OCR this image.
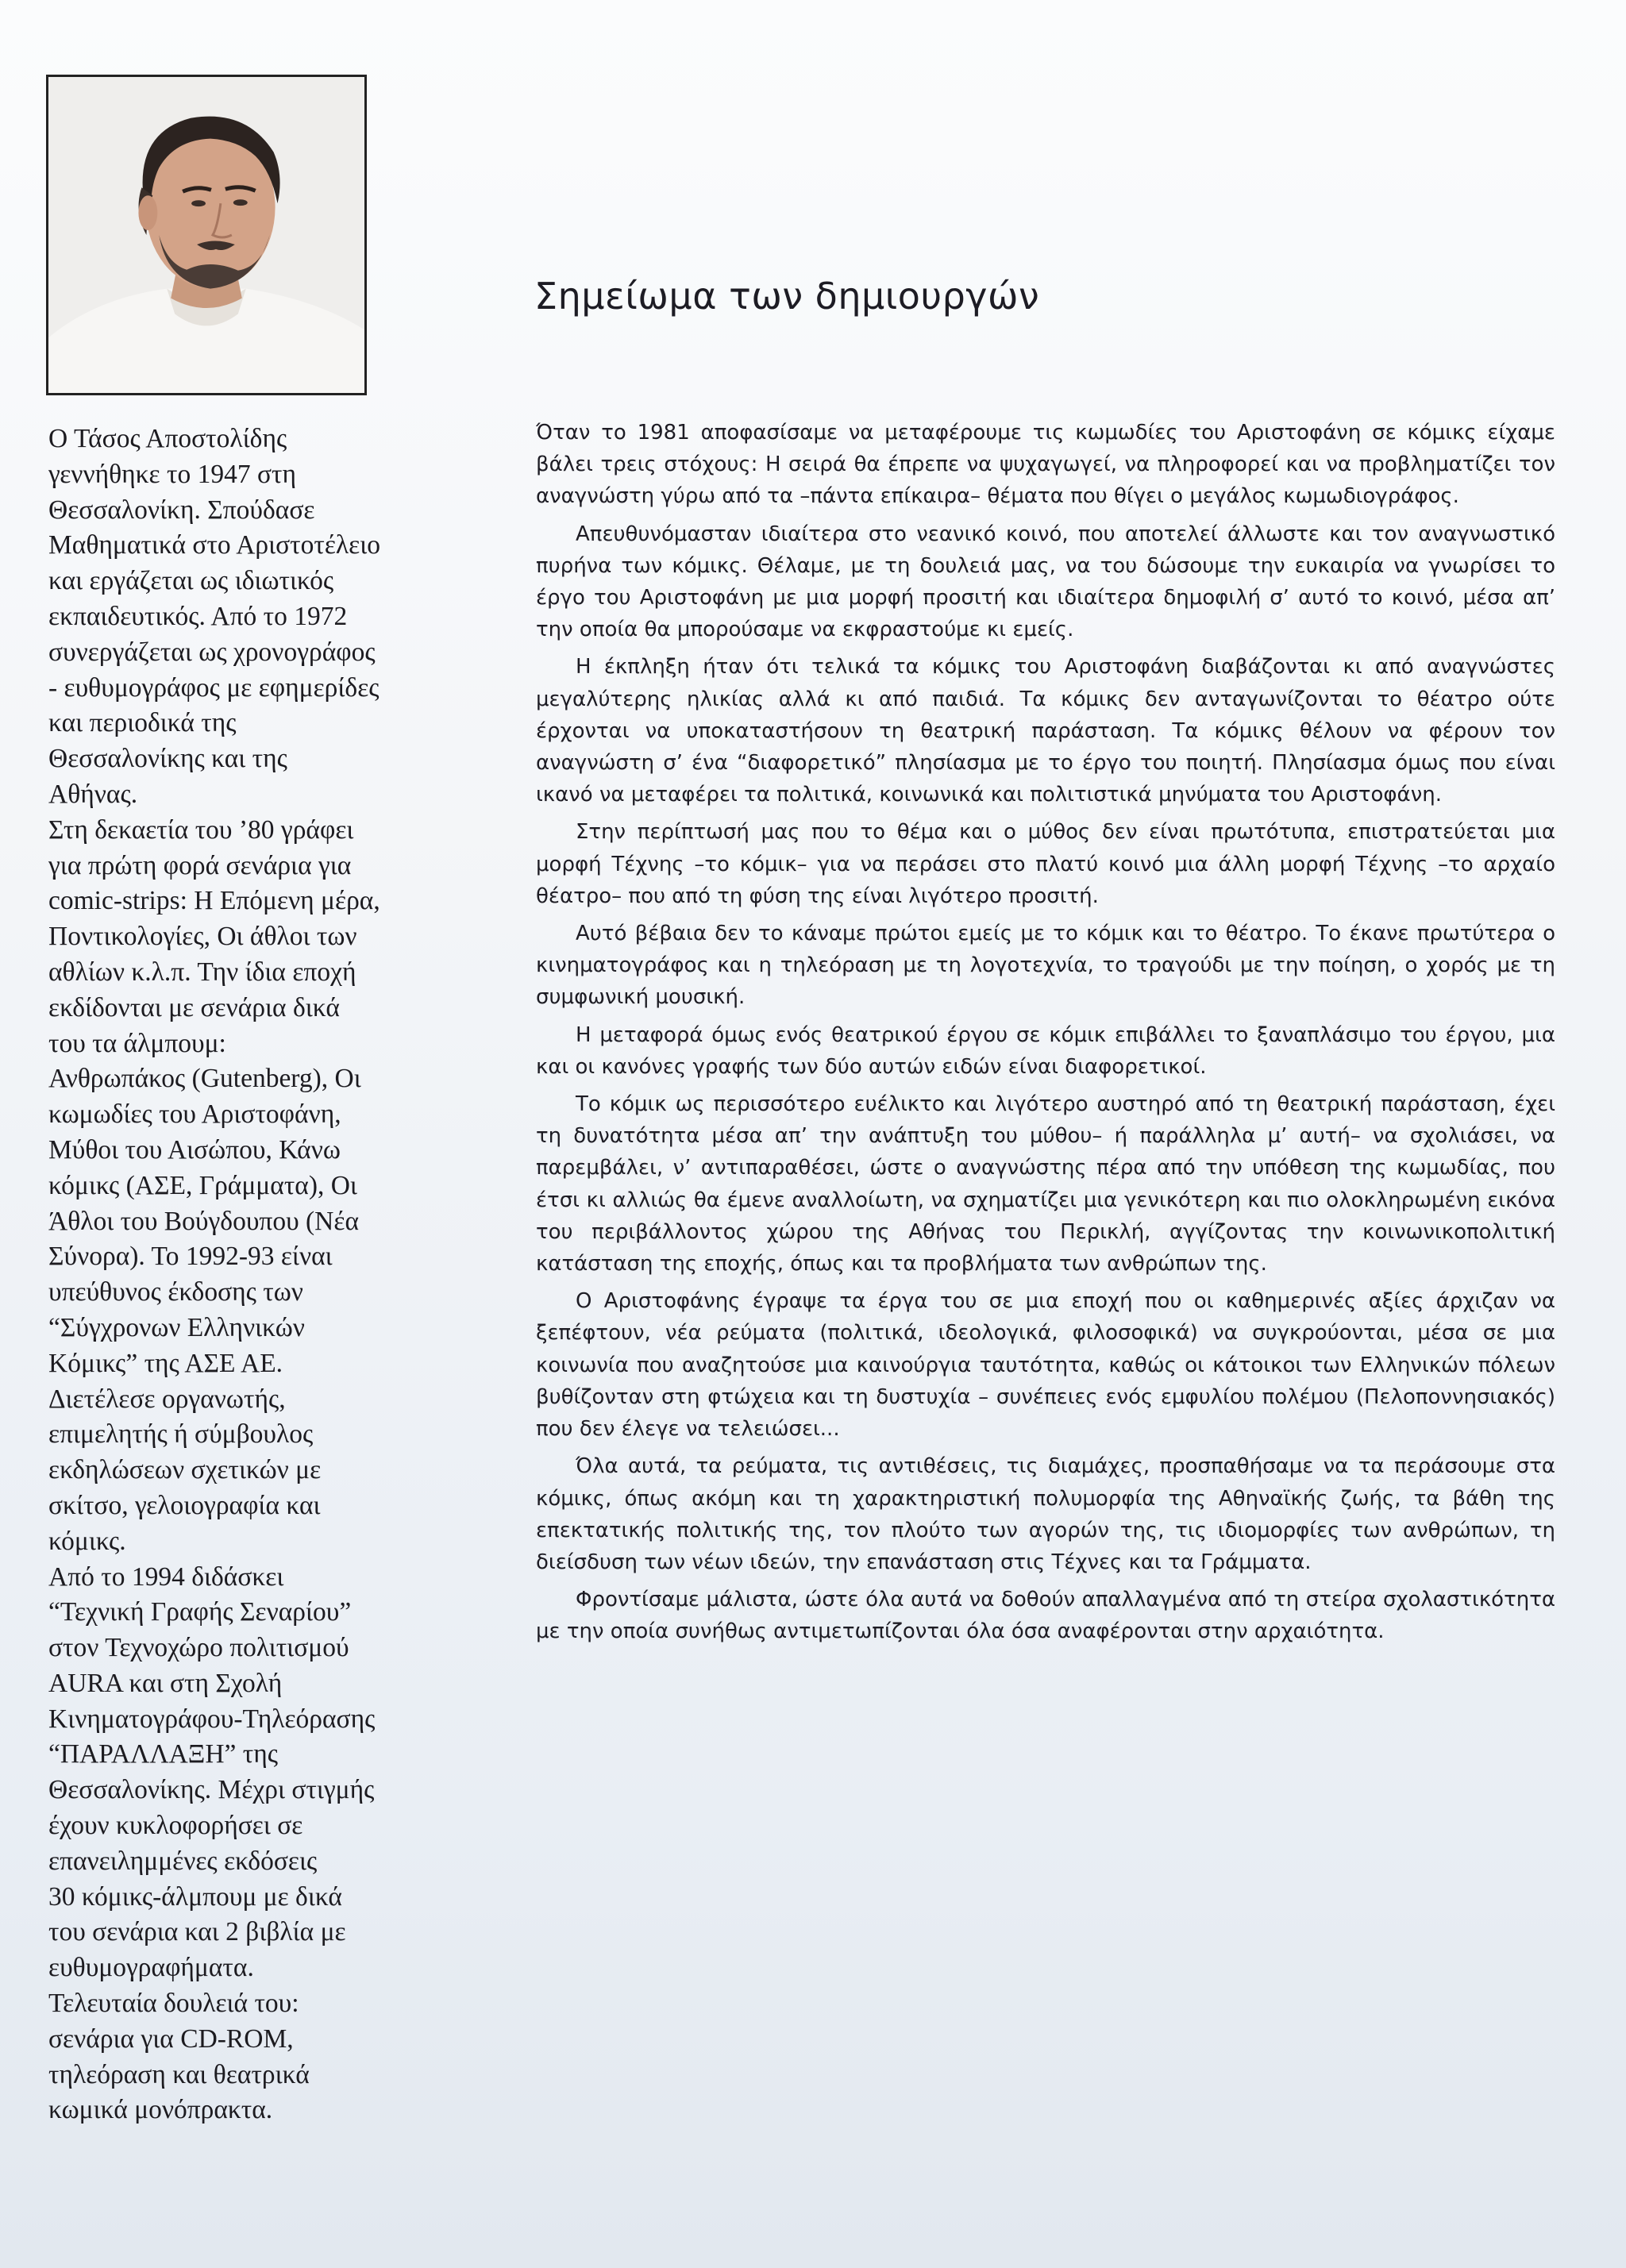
Ο Τάσος Αποστολίδης
γεννήθηκε το 1947 στη
Θεσσαλονίκη. Σπούδασε
Μαθηματικά στο Αριστοτέλειο
και εργάζεται ως ιδιωτικός
εκπαιδευτικός. Από το 1972
συνεργάζεται ως χρονογράφος
- ευθυμογράφος με εφημερίδες
και περιοδικά της
Θεσσαλονίκης και της
Αθήνας.
Στη δεκαετία του ’80 γράφει
για πρώτη φορά σενάρια για
comic-strips: Η Επόμενη μέρα,
Ποντικολογίες, Οι άθλοι των
αθλίων κ.λ.π. Την ίδια εποχή
εκδίδονται με σενάρια δικά
του τα άλμπουμ:
Ανθρωπάκος (Gutenberg), Οι
κωμωδίες του Αριστοφάνη,
Μύθοι του Αισώπου, Κάνω
κόμικς (ΑΣΕ, Γράμματα), Οι
Άθλοι του Βούγδουπου (Νέα
Σύνορα). Το 1992-93 είναι
υπεύθυνος έκδοσης των
“Σύγχρονων Ελληνικών
Κόμικς” της ΑΣΕ ΑΕ.
Διετέλεσε οργανωτής,
επιμελητής ή σύμβουλος
εκδηλώσεων σχετικών με
σκίτσο, γελοιογραφία και
κόμικς.
Από το 1994 διδάσκει
“Τεχνική Γραφής Σεναρίου”
στον Τεχνοχώρο πολιτισμού
AURA και στη Σχολή
Κινηματογράφου-Τηλεόρασης
“ΠΑΡΑΛΛΑΞΗ” της
Θεσσαλονίκης. Μέχρι στιγμής
έχουν κυκλοφορήσει σε
επανειλημμένες εκδόσεις
30 κόμικς-άλμπουμ με δικά
του σενάρια και 2 βιβλία με
ευθυμογραφήματα.
Τελευταία δουλειά του:
σενάρια για CD-ROM,
τηλεόραση και θεατρικά
κωμικά μονόπρακτα.
Σημείωμα των δημιουργών

Όταν το 1981 αποφασίσαμε να μεταφέρουμε τις κωμωδίες του Αριστοφάνη σε κόμικς είχαμε βάλει τρεις στόχους: Η σειρά θα έπρεπε να ψυχαγωγεί, να πληροφορεί και να προβληματίζει τον αναγνώστη γύρω από τα –πάντα επίκαιρα– θέματα που θίγει ο μεγάλος κωμωδιογράφος.

Απευθυνόμασταν ιδιαίτερα στο νεανικό κοινό, που αποτελεί άλλωστε και τον αναγνωστικό πυρήνα των κόμικς. Θέλαμε, με τη δουλειά μας, να του δώσουμε την ευκαιρία να γνωρίσει το έργο του Αριστοφάνη με μια μορφή προσιτή και ιδιαίτερα δημοφιλή σ’ αυτό το κοινό, μέσα απ’ την οποία θα μπορούσαμε να εκφραστούμε κι εμείς.

Η έκπληξη ήταν ότι τελικά τα κόμικς του Αριστοφάνη διαβάζονται κι από αναγνώστες μεγαλύτερης ηλικίας αλλά κι από παιδιά. Τα κόμικς δεν ανταγωνίζονται το θέατρο ούτε έρχονται να υποκαταστήσουν τη θεατρική παράσταση. Τα κόμικς θέλουν να φέρουν τον αναγνώστη σ’ ένα “διαφορετικό” πλησίασμα με το έργο του ποιητή. Πλησίασμα όμως που είναι ικανό να μεταφέρει τα πολιτικά, κοινωνικά και πολιτιστικά μηνύματα του Αριστοφάνη.

Στην περίπτωσή μας που το θέμα και ο μύθος δεν είναι πρωτότυπα, επιστρατεύεται μια μορφή Τέχνης –το κόμικ– για να περάσει στο πλατύ κοινό μια άλλη μορφή Τέχνης –το αρχαίο θέατρο– που από τη φύση της είναι λιγότερο προσιτή.

Αυτό βέβαια δεν το κάναμε πρώτοι εμείς με το κόμικ και το θέατρο. Το έκανε πρωτύτερα ο κινηματογράφος και η τηλεόραση με τη λογοτεχνία, το τραγούδι με την ποίηση, ο χορός με τη συμφωνική μουσική.

Η μεταφορά όμως ενός θεατρικού έργου σε κόμικ επιβάλλει το ξαναπλάσιμο του έργου, μια και οι κανόνες γραφής των δύο αυτών ειδών είναι διαφορετικοί.

Το κόμικ ως περισσότερο ευέλικτο και λιγότερο αυστηρό από τη θεατρική παράσταση, έχει τη δυνατότητα μέσα απ’ την ανάπτυξη του μύθου– ή παράλληλα μ’ αυτή– να σχολιάσει, να παρεμβάλει, ν’ αντιπαραθέσει, ώστε ο αναγνώστης πέρα από την υπόθεση της κωμωδίας, που έτσι κι αλλιώς θα έμενε αναλλοίωτη, να σχηματίζει μια γενικότερη και πιο ολοκληρωμένη εικόνα του περιβάλλοντος χώρου της Αθήνας του Περικλή, αγγίζοντας την κοινωνικοπολιτική κατάσταση της εποχής, όπως και τα προβλήματα των ανθρώπων της.

Ο Αριστοφάνης έγραψε τα έργα του σε μια εποχή που οι καθημερινές αξίες άρχιζαν να ξεπέφτουν, νέα ρεύματα (πολιτικά, ιδεολογικά, φιλοσοφικά) να συγκρούονται, μέσα σε μια κοινωνία που αναζητούσε μια καινούργια ταυτότητα, καθώς οι κάτοικοι των Ελληνικών πόλεων βυθίζονταν στη φτώχεια και τη δυστυχία – συνέπειες ενός εμφυλίου πολέμου (Πελοποννησιακός) που δεν έλεγε να τελειώσει...

Όλα αυτά, τα ρεύματα, τις αντιθέσεις, τις διαμάχες, προσπαθήσαμε να τα περάσουμε στα κόμικς, όπως ακόμη και τη χαρακτηριστική πολυμορφία της Αθηναϊκής ζωής, τα βάθη της επεκτατικής πολιτικής της, τον πλούτο των αγορών της, τις ιδιομορφίες των ανθρώπων, τη διείσδυση των νέων ιδεών, την επανάσταση στις Τέχνες και τα Γράμματα.

Φροντίσαμε μάλιστα, ώστε όλα αυτά να δοθούν απαλλαγμένα από τη στείρα σχολαστικότητα με την οποία συνήθως αντιμετωπίζονται όλα όσα αναφέρονται στην αρχαιότητα.
